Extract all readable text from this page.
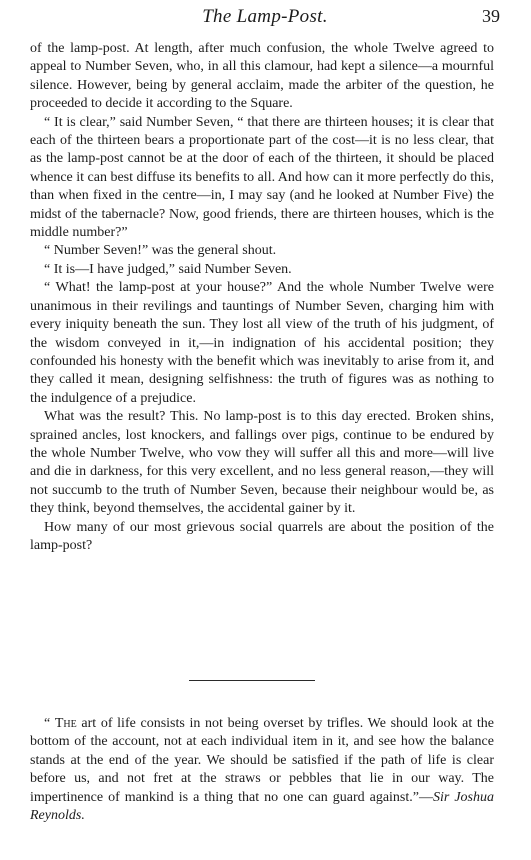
The Lamp-Post.	39

of the lamp-post. At length, after much confusion, the whole Twelve agreed to appeal to Number Seven, who, in all this clamour, had kept a silence—a mournful silence. However, being by general acclaim, made the arbiter of the question, he proceeded to decide it according to the Square.

“ It is clear,” said Number Seven, “ that there are thirteen houses; it is clear that each of the thirteen bears a proportionate part of the cost—it is no less clear, that as the lamp-post cannot be at the door of each of the thirteen, it should be placed whence it can best diffuse its benefits to all. And how can it more perfectly do this, than when fixed in the centre—in, I may say (and he looked at Number Five) the midst of the tabernacle? Now, good friends, there are thirteen houses, which is the middle number?”

“ Number Seven!” was the general shout.

“ It is—I have judged,” said Number Seven.

“ What! the lamp-post at your house?” And the whole Number Twelve were unanimous in their revilings and tauntings of Number Seven, charging him with every iniquity beneath the sun. They lost all view of the truth of his judgment, of the wisdom conveyed in it,—in indignation of his accidental position; they confounded his honesty with the benefit which was inevitably to arise from it, and they called it mean, designing selfishness: the truth of figures was as nothing to the indulgence of a prejudice.

What was the result? This. No lamp-post is to this day erected. Broken shins, sprained ancles, lost knockers, and fallings over pigs, continue to be endured by the whole Number Twelve, who vow they will suffer all this and more—will live and die in darkness, for this very excellent, and no less general reason,—they will not succumb to the truth of Number Seven, because their neighbour would be, as they think, beyond themselves, the accidental gainer by it.

How many of our most grievous social quarrels are about the position of the lamp-post?

“ The art of life consists in not being overset by trifles. We should look at the bottom of the account, not at each individual item in it, and see how the balance stands at the end of the year. We should be satisfied if the path of life is clear before us, and not fret at the straws or pebbles that lie in our way. The impertinence of mankind is a thing that no one can guard against.”—Sir Joshua Reynolds.
